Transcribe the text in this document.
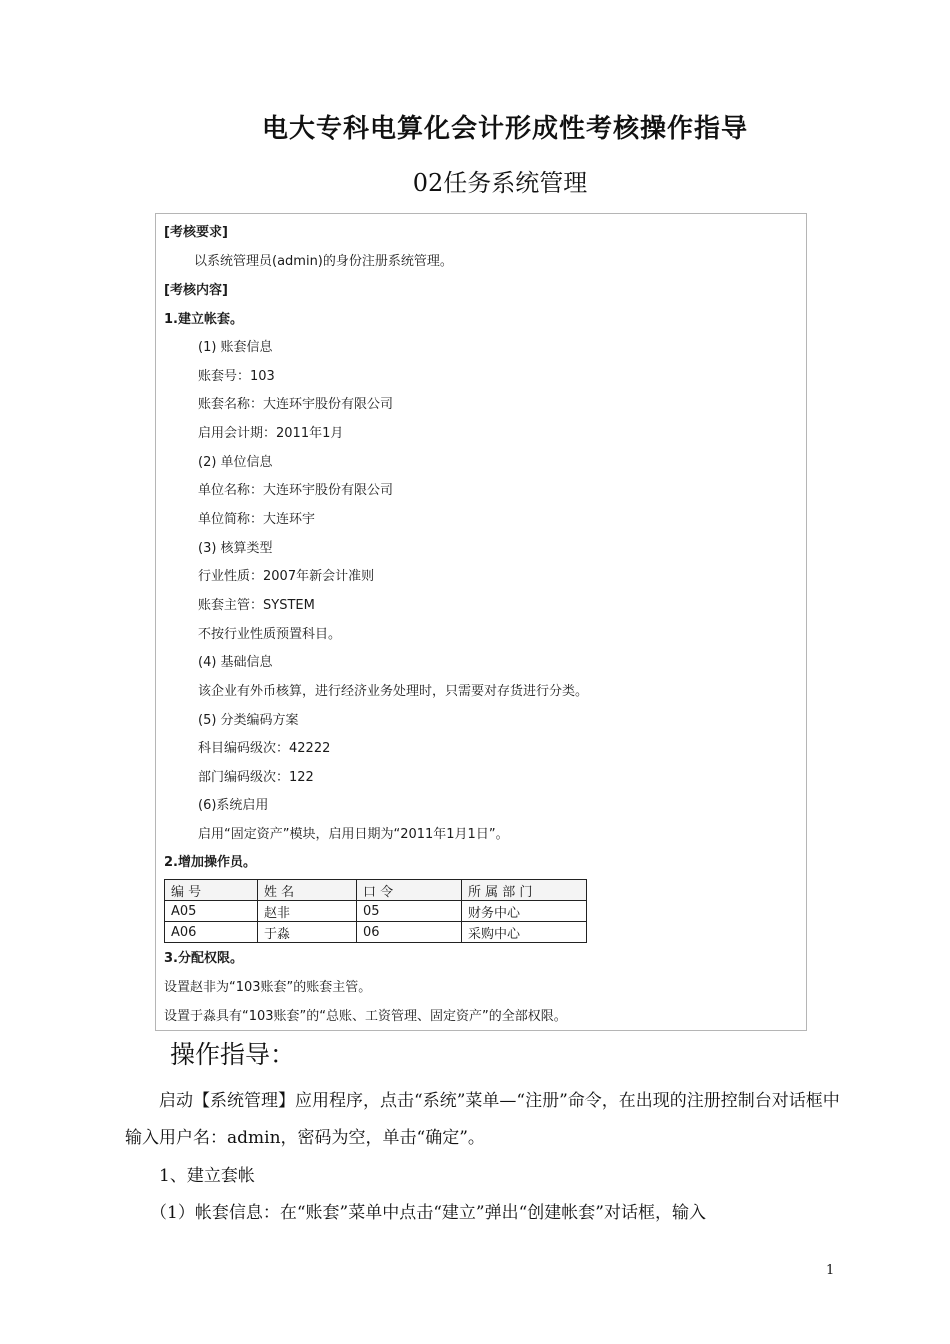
电大专科电算化会计形成性考核操作指导
02任务系统管理
[考核要求]
以系统管理员(admin)的身份注册系统管理。
[考核内容]
1.建立帐套。
(1) 账套信息
账套号：103
账套名称：大连环宇股份有限公司
启用会计期：2011年1月
(2) 单位信息
单位名称：大连环宇股份有限公司
单位简称：大连环宇
(3) 核算类型
行业性质：2007年新会计准则
账套主管：SYSTEM
不按行业性质预置科目。
(4) 基础信息
该企业有外币核算，进行经济业务处理时，只需要对存货进行分类。
(5) 分类编码方案
科目编码级次：42222
部门编码级次：122
(6)系统启用
启用“固定资产”模块，启用日期为“2011年1月1日”。
2.增加操作员。
编 号	姓 名	口 令	所 属 部 门
A05	赵非	05	财务中心
A06	于淼	06	采购中心
3.分配权限。
设置赵非为“103账套”的账套主管。
设置于淼具有“103账套”的“总账、工资管理、固定资产”的全部权限。
操作指导：
启动【系统管理】应用程序，点击“系统”菜单—“注册”命令，在出现的注册控制台对话框中输入用户名：admin，密码为空，单击“确定”。
1、建立套帐
（1）帐套信息：在“账套”菜单中点击“建立”弹出“创建帐套”对话框，输入
1
